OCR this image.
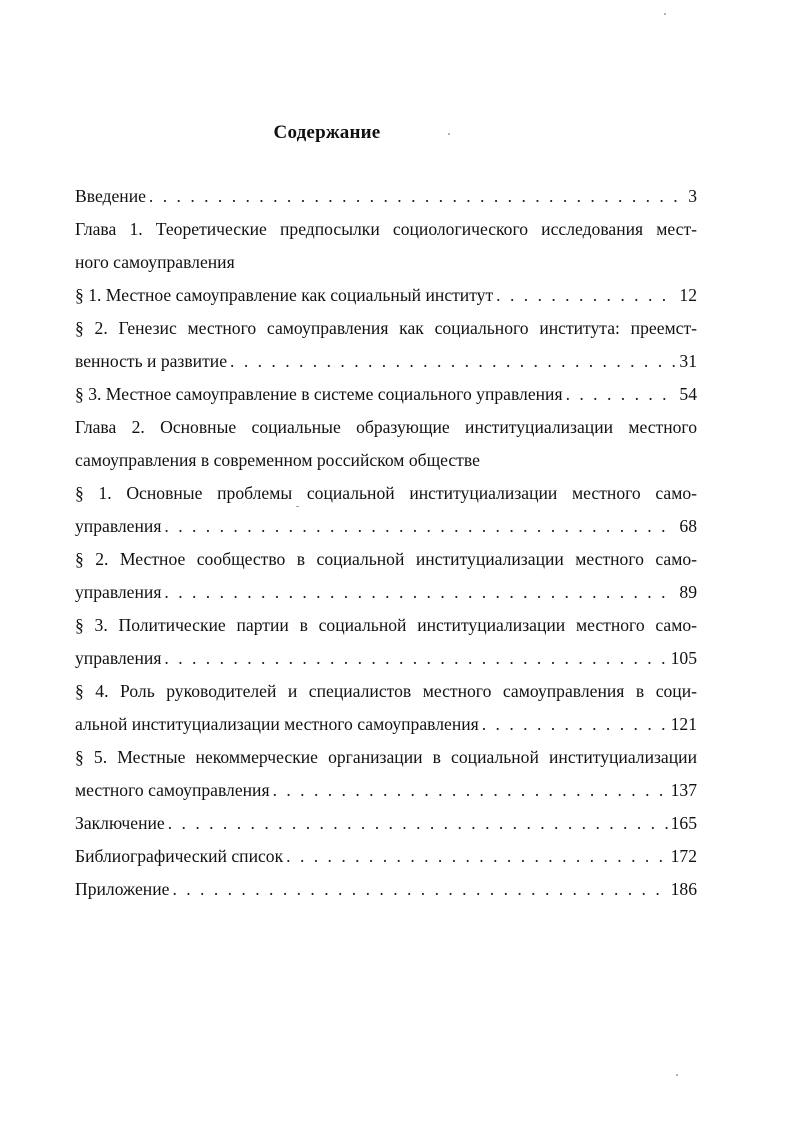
Содержание
Введение . . .	3
Глава 1. Теоретические предпосылки социологического исследования мест-
ного самоуправления
§ 1. Местное самоуправление как социальный институт . . .	12
§ 2. Генезис местного самоуправления как социального института: преемст-
венность и развитие . . .	31
§ 3. Местное самоуправление в системе социального управления . . .	54
Глава 2. Основные социальные образующие институциализации местного
самоуправления в современном российском обществе
§ 1. Основные проблемы социальной институциализации местного само-
управления . . .	68
§ 2. Местное сообщество в социальной институциализации местного само-
управления . . .	89
§ 3. Политические партии в социальной институциализации местного само-
управления . . .	105
§ 4. Роль руководителей и специалистов местного самоуправления в соци-
альной институциализации местного самоуправления . . .	121
§ 5. Местные некоммерческие организации в социальной институциализации
местного самоуправления . . .	137
Заключение . . .	165
Библиографический список . . .	172
Приложение . . .	186
